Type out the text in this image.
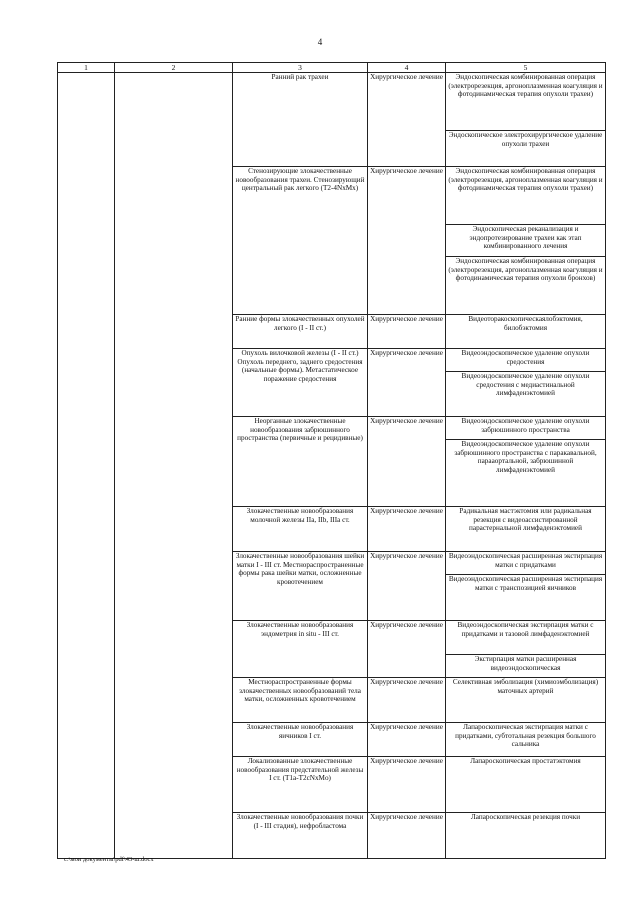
4
1	2	3	4	5
		Ранний рак трахеи	Хирургическое лечение	Эндоскопическая комбинированная операция (электрорезекция, аргоноплазменная коагуляция и фотодинамическая терапия опухоли трахеи)
				Эндоскопическое электрохирургическое удаление опухоли трахеи
		Стенозирующие злокачественные новообразования трахеи. Стенозирующий центральный рак легкого (T2-4NxMx)	Хирургическое лечение	Эндоскопическая комбинированная операция (электрорезекция, аргоноплазменная коагуляция и фотодинамическая терапия опухоли трахеи)
				Эндоскопическая реканализация и эндопротезирование трахеи как этап комбинированного лечения
				Эндоскопическая комбинированная операция (электрорезекция, аргоноплазменная коагуляция и фотодинамическая терапия опухоли бронхов)
		Ранние формы злокачественных опухолей легкого (I - II ст.)	Хирургическое лечение	Видеоторакоскопическаялобэктомия, билобэктомия
		Опухоль вилочковой железы (I - II ст.) Опухоль переднего, заднего средостения (начальные формы). Метастатическое поражение средостения	Хирургическое лечение	Видеоэндоскопическое удаление опухоли средостения
				Видеоэндоскопическое удаление опухоли средостения с медиастинальной лимфаденэктомией
		Неорганные злокачественные новообразования забрюшинного пространства (первичные и рецидивные)	Хирургическое лечение	Видеоэндоскопическое удаление опухоли забрюшинного пространства
				Видеоэндоскопическое удаление опухоли забрюшинного пространства с паракавальной, парааортальной, забрюшинной лимфаденэктомией
		Злокачественные новообразования молочной железы IIa, IIb, IIIa ст.	Хирургическое лечение	Радикальная мастэктомия или радикальная резекция с видеоассистированной парастернальной лимфаденэктомией
		Злокачественные новообразования шейки матки I - III ст. Местнораспространенные формы рака шейки матки, осложненные кровотечением	Хирургическое лечение	Видеоэндоскопическая расширенная экстирпация матки с придатками
				Видеоэндоскопическая расширенная экстирпация матки с транспозицией яичников
		Злокачественные новообразования эндометрия in situ - III ст.	Хирургическое лечение	Видеоэндоскопическая экстирпация матки с придатками и тазовой лимфаденэктомией
				Экстирпация матки расширенная видеоэндоскопическая
		Местнораспространенные формы злокачественных новообразований тела матки, осложненных кровотечением	Хирургическое лечение	Селективная эмболизация (химиоэмболизация) маточных артерий
		Злокачественные новообразования яичников I ст.	Хирургическое лечение	Лапароскопическая экстирпация матки с придатками, субтотальная резекция большого сальника
		Локализованные злокачественные новообразования предстательной железы I ст. (T1a-T2cNxMo)	Хирургическое лечение	Лапароскопическая простатэктомия
		Злокачественные новообразования почки (I - III стадия), нефробластома	Хирургическое лечение	Лапароскопическая резекция почки
c:\мои документы\pdf\43-ш.docx
